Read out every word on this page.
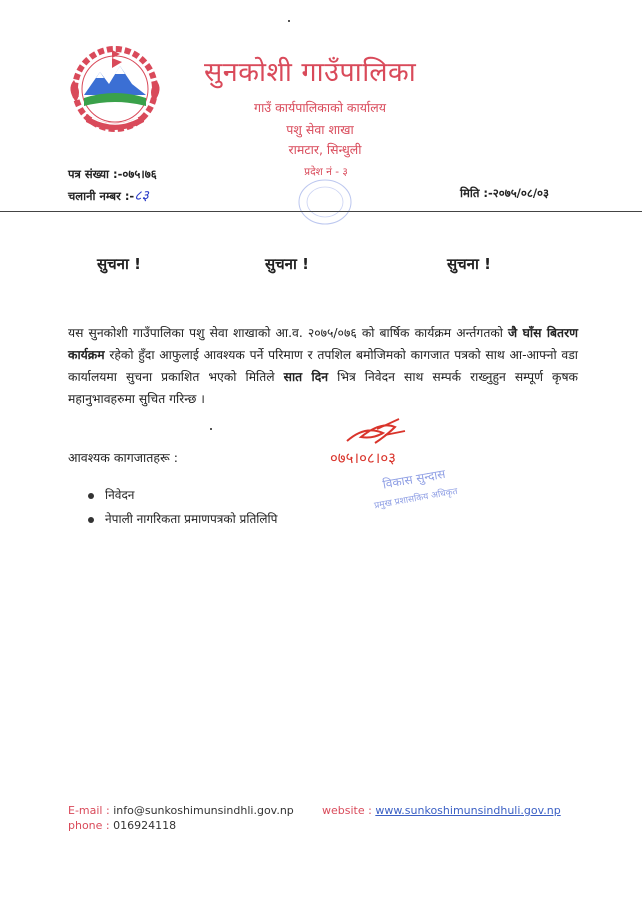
सुनकोशी गाउँपालिका
गाउँ कार्यपालिकाको कार्यालय
पशु सेवा शाखा
रामटार, सिन्धुली
प्रदेश नं - ३
पत्र संख्या :-०७५।७६
चलानी नम्बर :-८३	मिति :-२०७५/०८/०३
सुचना !	सुचना !	सुचना !
यस सुनकोशी गाउँपालिका पशु सेवा शाखाको आ.व. २०७५/०७६ को बार्षिक कार्यक्रम अर्न्तगतको जै घाँस बितरण कार्यक्रम रहेको हुँदा आफुलाई आवश्यक पर्ने परिमाण र तपशिल बमोजिमको कागजात पत्रको साथ आ-आफ्नो वडा कार्यालयमा सुचना प्रकाशित भएको मितिले सात दिन भित्र निवेदन साथ सम्पर्क राख्नुहुन सम्पूर्ण कृषक महानुभावहरुमा सुचित गरिन्छ ।
०७५।०८।०३
विकास सुन्दास
प्रमुख प्रशासकिय अधिकृत
आवश्यक कागजातहरू :
निवेदन
नेपाली नागरिकता प्रमाणपत्रको प्रतिलिपि
E-mail : info@sunkoshimunsindhli.gov.np
phone : 016924118
website : www.sunkoshimunsindhuli.gov.np
